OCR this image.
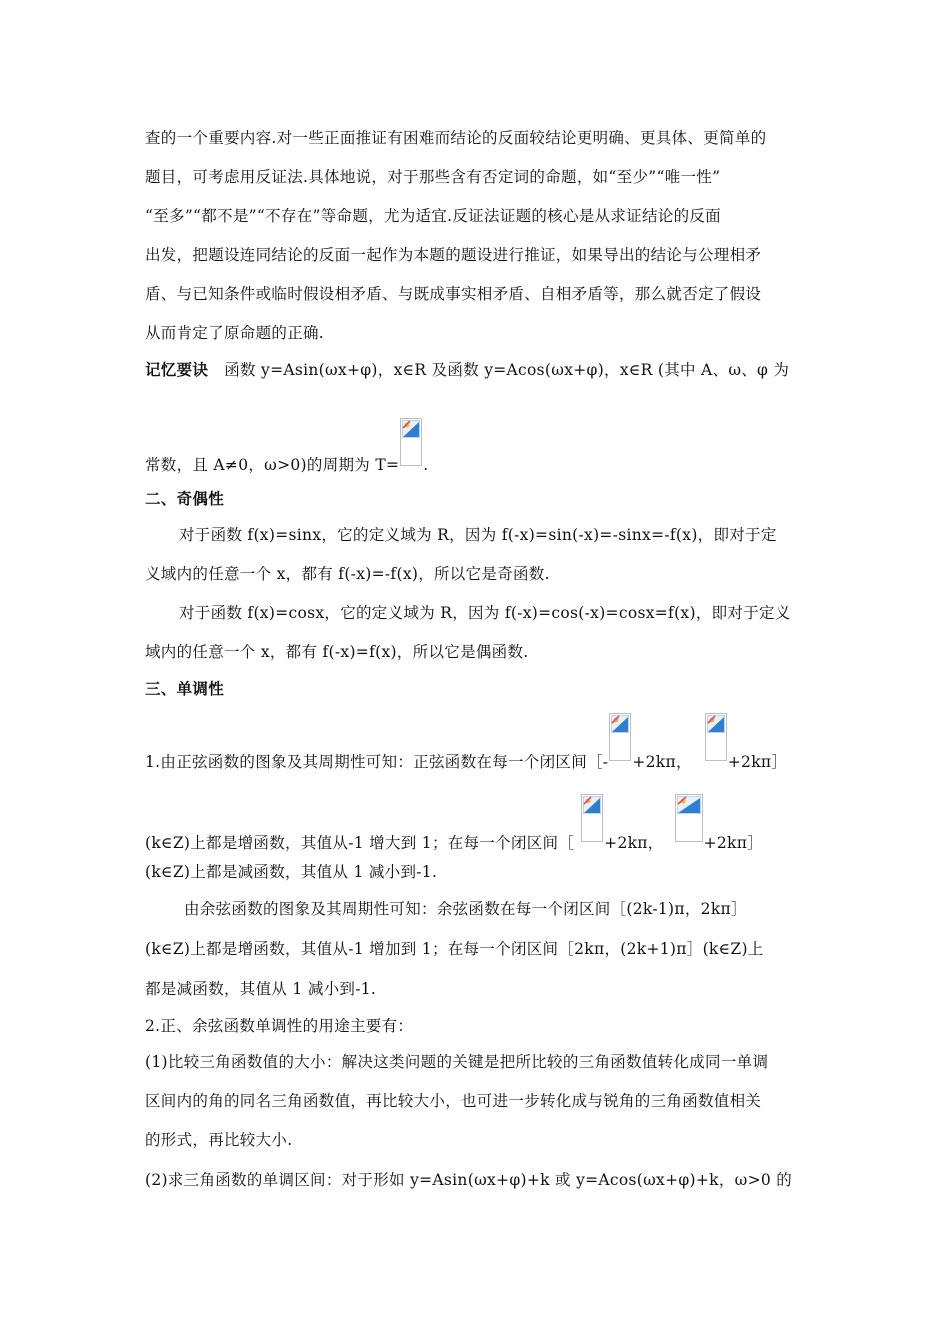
查的一个重要内容.对一些正面推证有困难而结论的反面较结论更明确、更具体、更简单的
题目，可考虑用反证法.具体地说，对于那些含有否定词的命题，如“至少”“唯一性”
“至多”“都不是”“不存在”等命题，尤为适宜.反证法证题的核心是从求证结论的反面
出发，把题设连同结论的反面一起作为本题的题设进行推证，如果导出的结论与公理相矛
盾、与已知条件或临时假设相矛盾、与既成事实相矛盾、自相矛盾等，那么就否定了假设
从而肯定了原命题的正确.
记忆要诀 函数 y=Asin(ωx+φ)，x∈R 及函数 y=Acos(ωx+φ)，x∈R (其中 A、ω、φ 为
常数，且 A≠0，ω>0)的周期为 T= .
二、奇偶性
对于函数 f(x)=sinx，它的定义域为 R，因为 f(-x)=sin(-x)=-sinx=-f(x)，即对于定
义域内的任意一个 x，都有 f(-x)=-f(x)，所以它是奇函数.
对于函数 f(x)=cosx，它的定义域为 R，因为 f(-x)=cos(-x)=cosx=f(x)，即对于定义
域内的任意一个 x，都有 f(-x)=f(x)，所以它是偶函数.
三、单调性
1.由正弦函数的图象及其周期性可知：正弦函数在每一个闭区间［- +2kπ， +2kπ］
(k∈Z)上都是增函数，其值从-1 增大到 1；在每一个闭区间［ +2kπ，	+2kπ］
(k∈Z)上都是减函数，其值从 1 减小到-1.
由余弦函数的图象及其周期性可知：余弦函数在每一个闭区间［(2k-1)π，2kπ］
(k∈Z)上都是增函数，其值从-1 增加到 1；在每一个闭区间［2kπ，(2k+1)π］(k∈Z)上
都是减函数，其值从 1 减小到-1.
2.正、余弦函数单调性的用途主要有：
(1)比较三角函数值的大小：解决这类问题的关键是把所比较的三角函数值转化成同一单调
区间内的角的同名三角函数值，再比较大小，也可进一步转化成与锐角的三角函数值相关
的形式，再比较大小.
(2)求三角函数的单调区间：对于形如 y=Asin(ωx+φ)+k 或 y=Acos(ωx+φ)+k，ω>0 的
